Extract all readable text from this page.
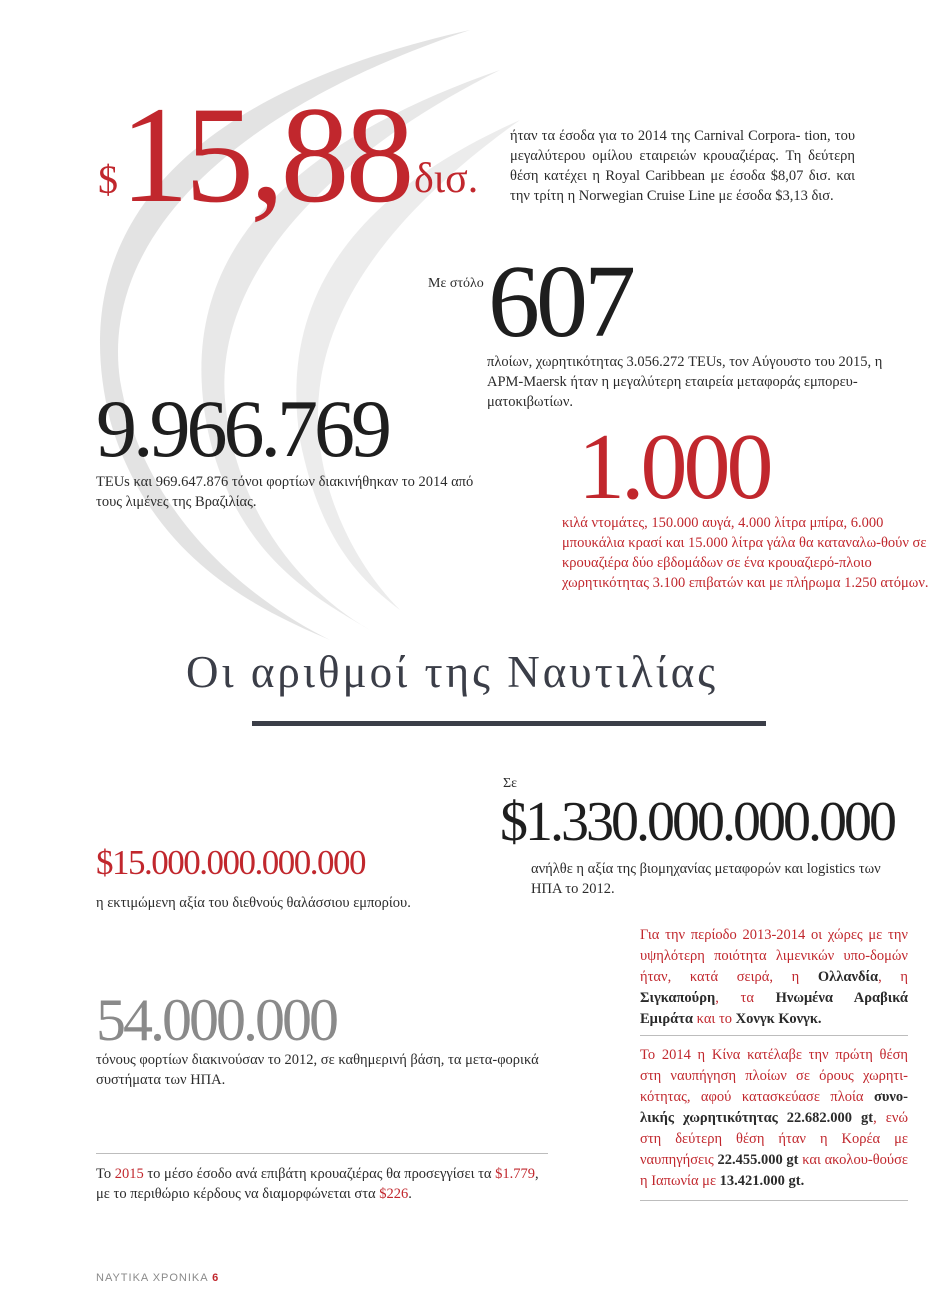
$ 15,88 δισ.
ήταν τα έσοδα για το 2014 της Carnival Corpora- tion, του μεγαλύτερου ομίλου εταιρειών κρουαζιέρας. Τη δεύτερη θέση κατέχει η Royal Caribbean με έσοδα $8,07 δισ. και την τρίτη η Norwegian Cruise Line με έσοδα $3,13 δισ.
Με στόλο 607
πλοίων, χωρητικότητας 3.056.272 TEUs, τον Αύγουστο του 2015, η APM-Maersk ήταν η μεγαλύτερη εταιρεία μεταφοράς εμπορευ-ματοκιβωτίων.
9.966.769
TEUs και 969.647.876 τόνοι φορτίων διακινήθηκαν το 2014 από τους λιμένες της Βραζιλίας.	1.000
κιλά ντομάτες, 150.000 αυγά, 4.000 λίτρα μπίρα, 6.000 μπουκάλια κρασί και 15.000 λίτρα γάλα θα καταναλω-θούν σε κρουαζιέρα δύο εβδομάδων σε ένα κρουαζιερό-πλοιο χωρητικότητας 3.100 επιβατών και με πλήρωμα 1.250 ατόμων.
Οι αριθμοί της Ναυτιλίας
Σε
$1.330.000.000.000
ανήλθε η αξία της βιομηχανίας μεταφορών και logistics των ΗΠΑ το 2012.
$15.000.000.000.000
η εκτιμώμενη αξία του διεθνούς θαλάσσιου εμπορίου.
Για την περίοδο 2013-2014 οι χώρες με την υψηλότερη ποιότητα λιμενικών υπο-δομών ήταν, κατά σειρά, η Ολλανδία, η Σιγκαπούρη, τα Ηνωμένα Αραβικά Εμιράτα και το Χονγκ Κονγκ.
54.000.000
τόνους φορτίων διακινούσαν το 2012, σε καθημερινή βάση, τα μετα-φορικά συστήματα των ΗΠΑ.
Το 2014 η Κίνα κατέλαβε την πρώτη θέση στη ναυπήγηση πλοίων σε όρους χωρητι-κότητας, αφού κατασκεύασε πλοία συνο-λικής χωρητικότητας 22.682.000 gt, ενώ στη δεύτερη θέση ήταν η Κορέα με ναυπηγήσεις 22.455.000 gt και ακολου-θούσε η Ιαπωνία με 13.421.000 gt.
Το 2015 το μέσο έσοδο ανά επιβάτη κρουαζιέρας θα προσεγγίσει τα $1.779, με το περιθώριο κέρδους να διαμορφώνεται στα $226.
ΝΑΥΤΙΚΑ ΧΡΟΝΙΚΑ 6
